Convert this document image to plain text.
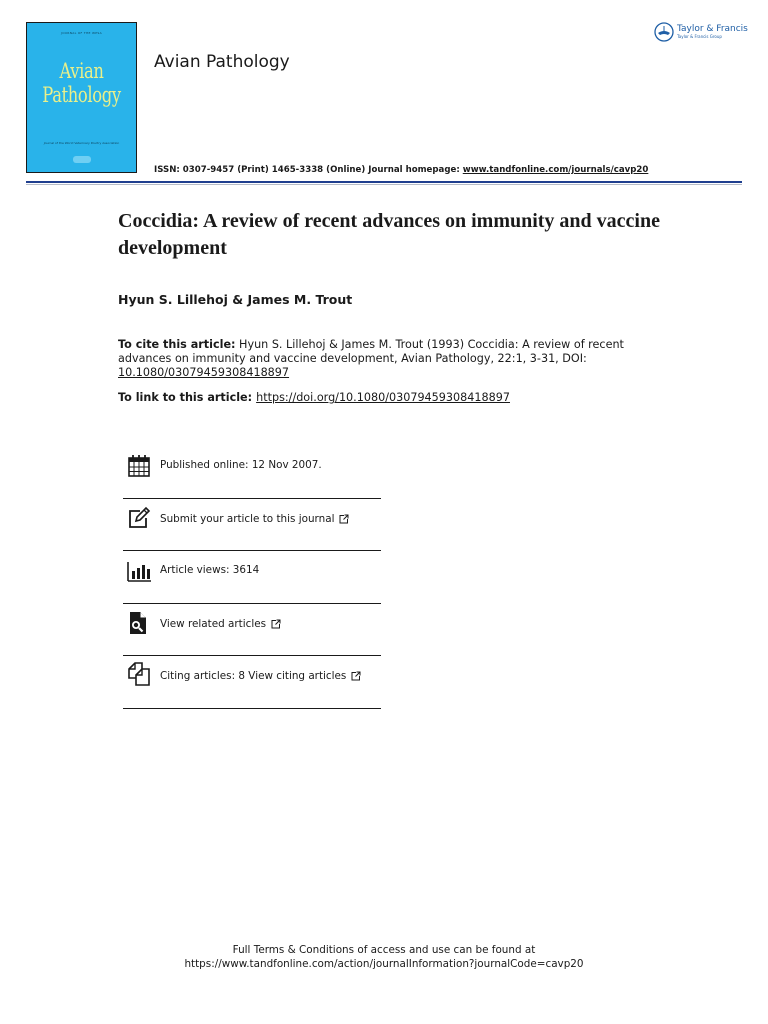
JOURNAL OF THE WPSA
Avian
Pathology
Journal of the World Veterinary Poultry Association
Avian Pathology
Taylor & Francis
Taylor & Francis Group
ISSN: 0307-9457 (Print) 1465-3338 (Online) Journal homepage: www.tandfonline.com/journals/cavp20
Coccidia: A review of recent advances on immunity and vaccine development
Hyun S. Lillehoj & James M. Trout
To cite this article: Hyun S. Lillehoj & James M. Trout (1993) Coccidia: A review of recent advances on immunity and vaccine development, Avian Pathology, 22:1, 3-31, DOI: 10.1080/03079459308418897
To link to this article: https://doi.org/10.1080/03079459308418897
Published online: 12 Nov 2007.
Submit your article to this journal
Article views: 3614
View related articles
Citing articles: 8 View citing articles
Full Terms & Conditions of access and use can be found at
https://www.tandfonline.com/action/journalInformation?journalCode=cavp20
